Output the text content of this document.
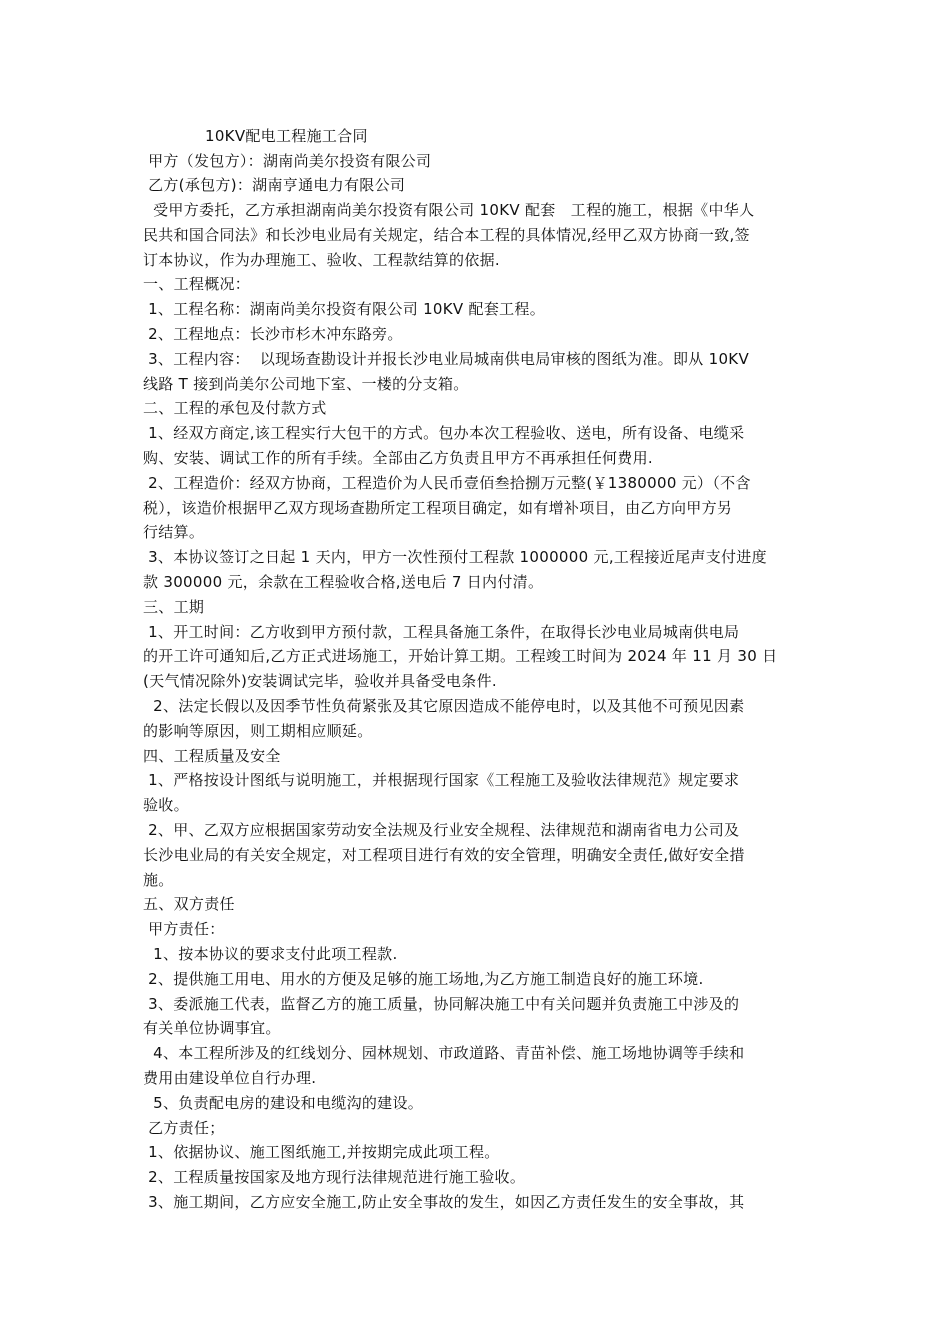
10KV配电工程施工合同

甲方（发包方）：湖南尚美尔投资有限公司

乙方(承包方)：湖南亨通电力有限公司

受甲方委托，乙方承担湖南尚美尔投资有限公司 10KV 配套   工程的施工，根据《中华人

民共和国合同法》和长沙电业局有关规定，结合本工程的具体情况,经甲乙双方协商一致,签

订本协议，作为办理施工、验收、工程款结算的依据.

一、工程概况：

1、工程名称：湖南尚美尔投资有限公司 10KV 配套工程。

2、工程地点：长沙市杉木冲东路旁。

3、工程内容：  以现场查勘设计并报长沙电业局城南供电局审核的图纸为准。即从 10KV

线路 T 接到尚美尔公司地下室、一楼的分支箱。

二、工程的承包及付款方式

1、经双方商定,该工程实行大包干的方式。包办本次工程验收、送电，所有设备、电缆采

购、安装、调试工作的所有手续。全部由乙方负责且甲方不再承担任何费用.

2、工程造价：经双方协商，工程造价为人民币壹佰叁拾捌万元整(￥1380000 元）（不含

税），该造价根据甲乙双方现场查勘所定工程项目确定，如有增补项目，由乙方向甲方另

行结算。

3、本协议签订之日起 1 天内，甲方一次性预付工程款 1000000 元,工程接近尾声支付进度

款 300000 元，余款在工程验收合格,送电后 7 日内付清。

三、工期

1、开工时间：乙方收到甲方预付款，工程具备施工条件，在取得长沙电业局城南供电局

的开工许可通知后,乙方正式进场施工，开始计算工期。工程竣工时间为 2024 年 11 月 30 日

(天气情况除外)安装调试完毕，验收并具备受电条件.

2、法定长假以及因季节性负荷紧张及其它原因造成不能停电时，以及其他不可预见因素

的影响等原因，则工期相应顺延。

四、工程质量及安全

1、严格按设计图纸与说明施工，并根据现行国家《工程施工及验收法律规范》规定要求

验收。

2、甲、乙双方应根据国家劳动安全法规及行业安全规程、法律规范和湖南省电力公司及

长沙电业局的有关安全规定，对工程项目进行有效的安全管理，明确安全责任,做好安全措

施。

五、双方责任

甲方责任：

1、按本协议的要求支付此项工程款.

2、提供施工用电、用水的方便及足够的施工场地,为乙方施工制造良好的施工环境.

3、委派施工代表，监督乙方的施工质量，协同解决施工中有关问题并负责施工中涉及的

有关单位协调事宜。

4、本工程所涉及的红线划分、园林规划、市政道路、青苗补偿、施工场地协调等手续和

费用由建设单位自行办理.

5、负责配电房的建设和电缆沟的建设。

乙方责任；

1、依据协议、施工图纸施工,并按期完成此项工程。

2、工程质量按国家及地方现行法律规范进行施工验收。

3、施工期间，乙方应安全施工,防止安全事故的发生，如因乙方责任发生的安全事故，其
